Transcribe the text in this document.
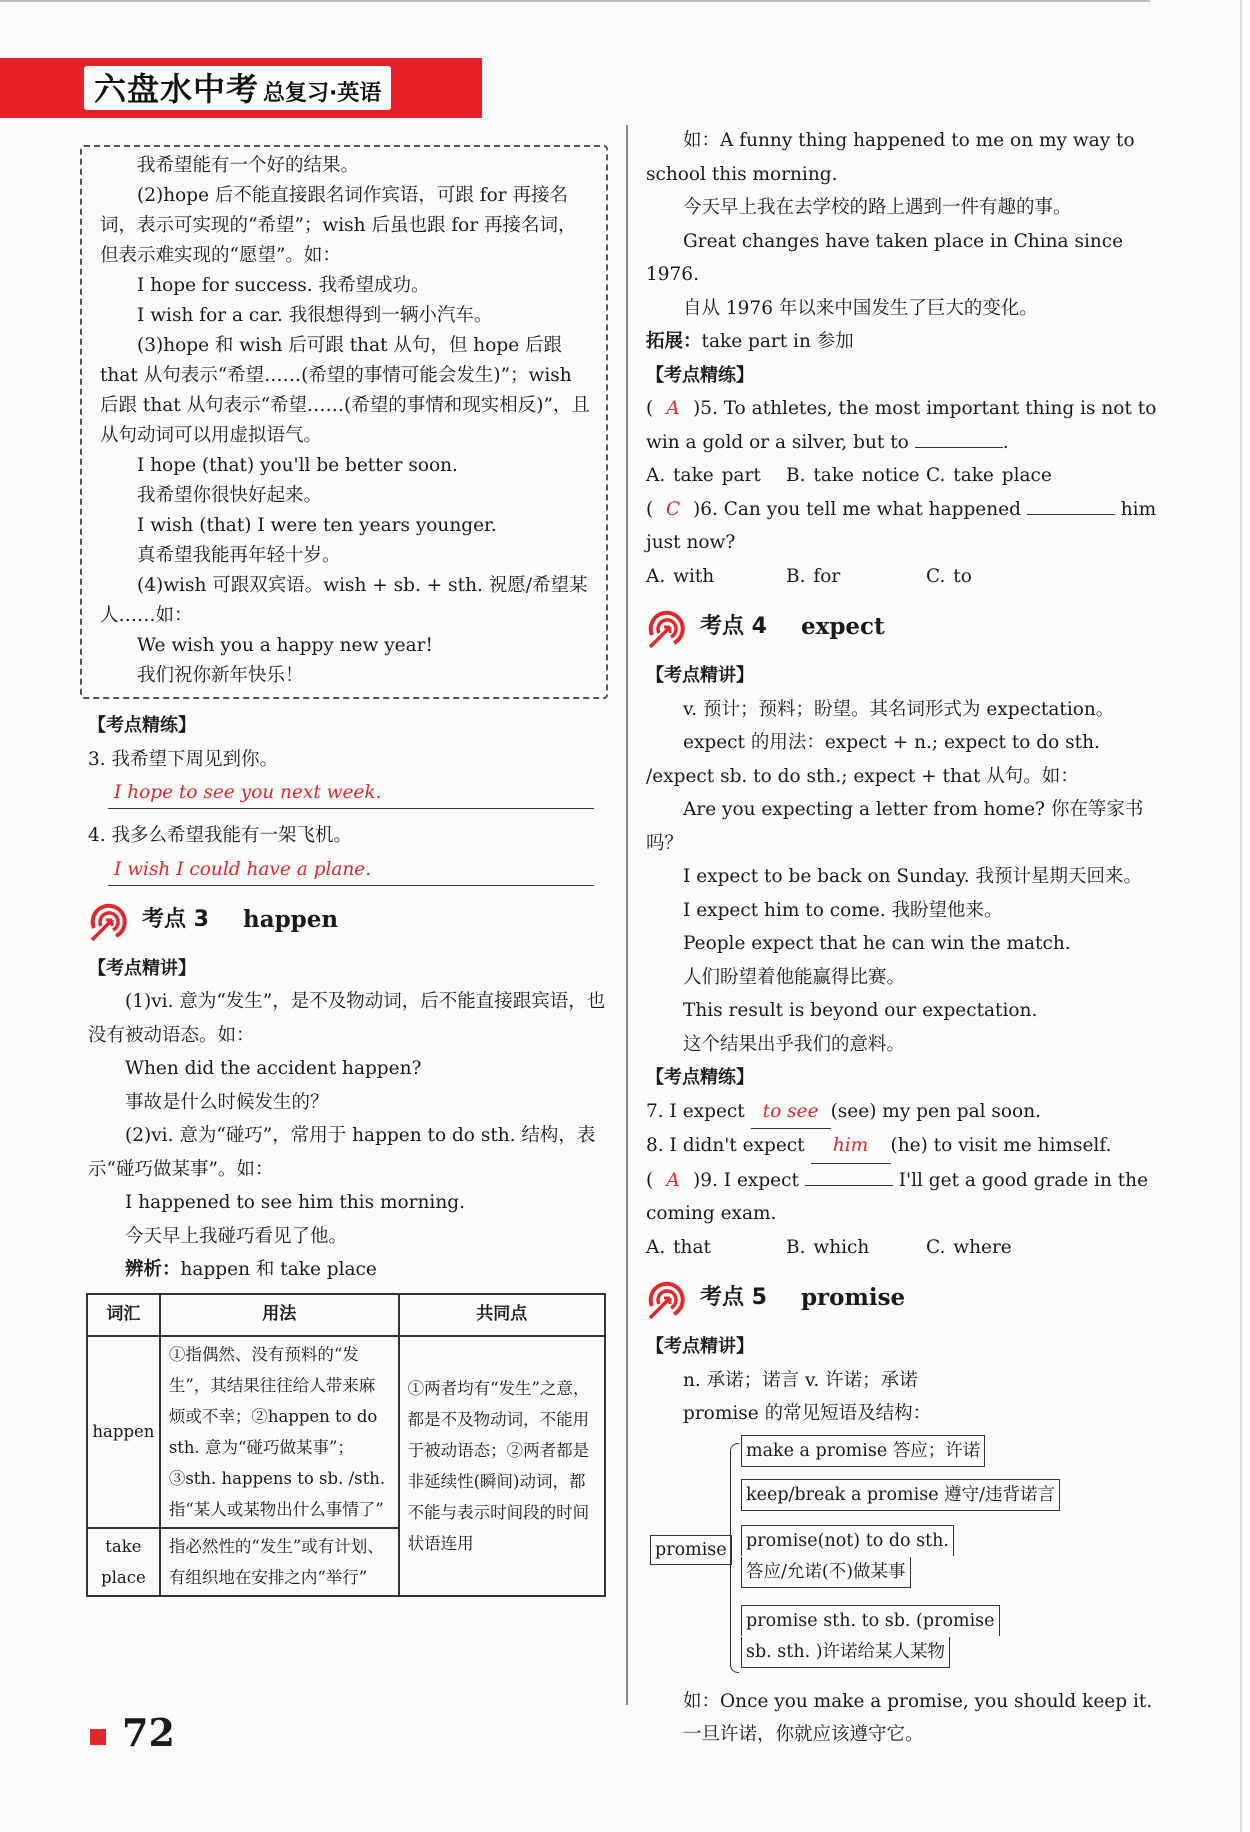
六盘水中考 总复习·英语

我希望能有一个好的结果。

(2)hope 后不能直接跟名词作宾语，可跟 for 再接名词，表示可实现的“希望”；wish 后虽也跟 for 再接名词，但表示难实现的“愿望”。如：

I hope for success. 我希望成功。

I wish for a car. 我很想得到一辆小汽车。

(3)hope 和 wish 后可跟 that 从句，但 hope 后跟 that 从句表示“希望……(希望的事情可能会发生)”；wish 后跟 that 从句表示“希望……(希望的事情和现实相反)”，且从句动词可以用虚拟语气。

I hope (that) you'll be better soon.

我希望你很快好起来。

I wish (that) I were ten years younger.

真希望我能再年轻十岁。

(4)wish 可跟双宾语。wish + sb. + sth. 祝愿/希望某人……如：

We wish you a happy new year!

我们祝你新年快乐！

【考点精练】

3. 我希望下周见到你。

I hope to see you next week.

4. 我多么希望我能有一架飞机。

I wish I could have a plane.
考点 3 happen

【考点精讲】

(1)vi. 意为“发生”，是不及物动词，后不能直接跟宾语，也没有被动语态。如：

When did the accident happen?

事故是什么时候发生的？

(2)vi. 意为“碰巧”，常用于 happen to do sth. 结构，表示“碰巧做某事”。如：

I happened to see him this morning.

今天早上我碰巧看见了他。

辨析：happen 和 take place

词汇	用法	共同点
happen	①指偶然、没有预料的“发生”，其结果往往给人带来麻烦或不幸；②happen to do sth. 意为“碰巧做某事”；③sth. happens to sb. /sth. 指“某人或某物出什么事情了”	①两者均有“发生”之意，都是不及物动词，不能用于被动语态；②两者都是非延续性(瞬间)动词，都不能与表示时间段的时间状语连用
take place	指必然性的“发生”或有计划、有组织地在安排之内“举行”	

如：A funny thing happened to me on my way to school this morning.

今天早上我在去学校的路上遇到一件有趣的事。

Great changes have taken place in China since 1976.

自从 1976 年以来中国发生了巨大的变化。

拓展：take part in 参加

【考点精练】

( A )5. To athletes, the most important thing is not to win a gold or a silver, but to	.

A. take part B. take notice C. take place

( C )6. Can you tell me what happened	him just now?

A. with	B. for	C. to

考点 4 expect

【考点精讲】

v. 预计；预料；盼望。其名词形式为 expectation。

expect 的用法：expect + n.; expect to do sth. /expect sb. to do sth.; expect + that 从句。如：

Are you expecting a letter from home? 你在等家书吗？

I expect to be back on Sunday. 我预计星期天回来。

I expect him to come. 我盼望他来。

People expect that he can win the match.

人们盼望着他能赢得比赛。

This result is beyond our expectation.

这个结果出乎我们的意料。

【考点精练】

7. I expect to see (see) my pen pal soon.

8. I didn't expect him (he) to visit me himself.

( A )9. I expect	I'll get a good grade in the coming exam.

A. that	B. which	C. where

考点 5 promise

【考点精讲】

n. 承诺；诺言 v. 许诺；承诺

promise 的常见短语及结构：

promise
make a promise 答应；许诺
keep/break a promise 遵守/违背诺言
promise(not) to do sth.
答应/允诺(不)做某事
promise sth. to sb. (promise
sb. sth. )许诺给某人某物

如：Once you make a promise, you should keep it.

一旦许诺，你就应该遵守它。

72
